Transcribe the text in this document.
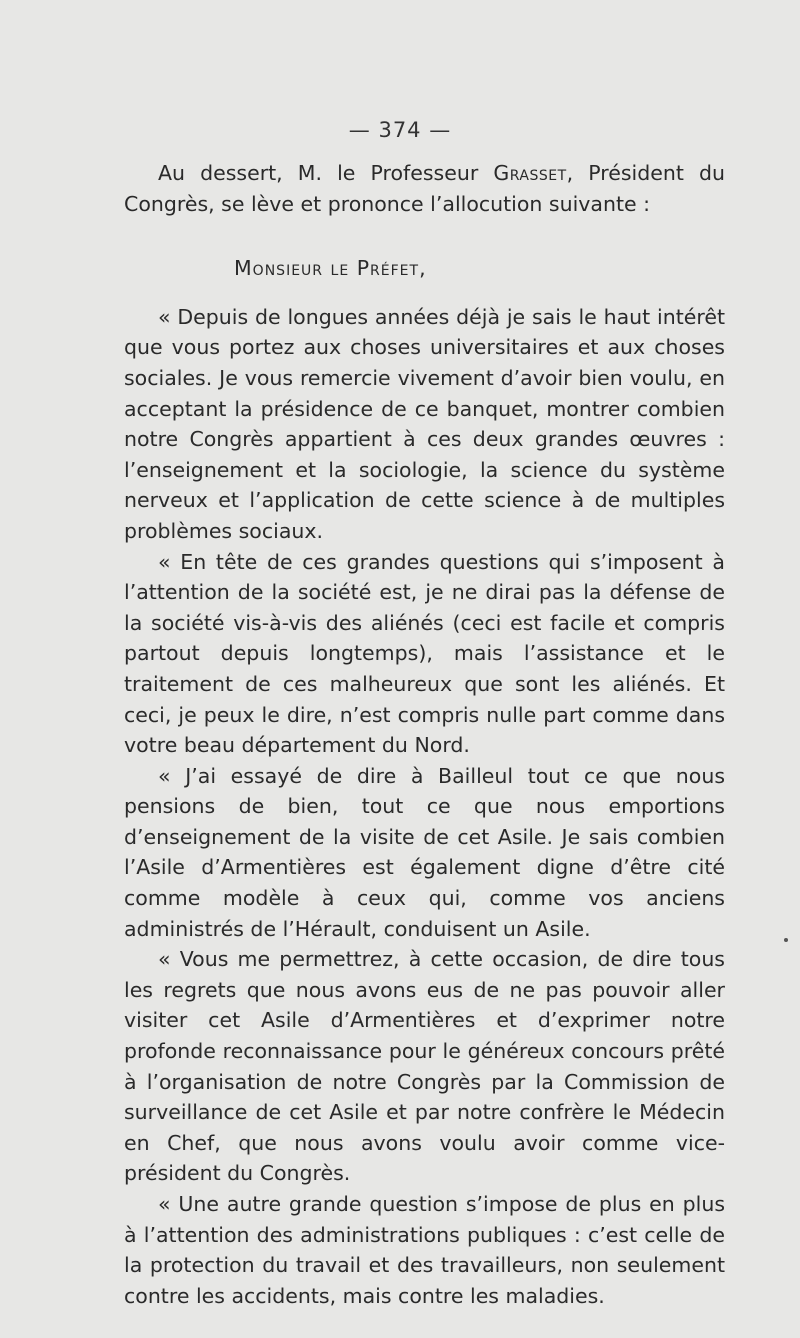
— 374 —

Au dessert, M. le Professeur Grasset, Président du Congrès, se lève et prononce l’allocution suivante :

Monsieur le Préfet,

« Depuis de longues années déjà je sais le haut intérêt que vous portez aux choses universitaires et aux choses sociales. Je vous remercie vivement d’avoir bien voulu, en acceptant la présidence de ce banquet, montrer combien notre Congrès appartient à ces deux grandes œuvres : l’enseignement et la sociologie, la science du système nerveux et l’application de cette science à de multiples problèmes sociaux.

« En tête de ces grandes questions qui s’imposent à l’attention de la société est, je ne dirai pas la défense de la société vis-à-vis des aliénés (ceci est facile et compris partout depuis longtemps), mais l’assistance et le traitement de ces malheureux que sont les aliénés. Et ceci, je peux le dire, n’est compris nulle part comme dans votre beau département du Nord.

« J’ai essayé de dire à Bailleul tout ce que nous pensions de bien, tout ce que nous emportions d’enseignement de la visite de cet Asile. Je sais combien l’Asile d’Armentières est également digne d’être cité comme modèle à ceux qui, comme vos anciens administrés de l’Hérault, conduisent un Asile.

« Vous me permettrez, à cette occasion, de dire tous les regrets que nous avons eus de ne pas pouvoir aller visiter cet Asile d’Armentières et d’exprimer notre profonde reconnaissance pour le généreux concours prêté à l’organisation de notre Congrès par la Commission de surveillance de cet Asile et par notre confrère le Médecin en Chef, que nous avons voulu avoir comme vice-président du Congrès.

« Une autre grande question s’impose de plus en plus à l’attention des administrations publiques : c’est celle de la protection du travail et des travailleurs, non seulement contre les accidents, mais contre les maladies.
